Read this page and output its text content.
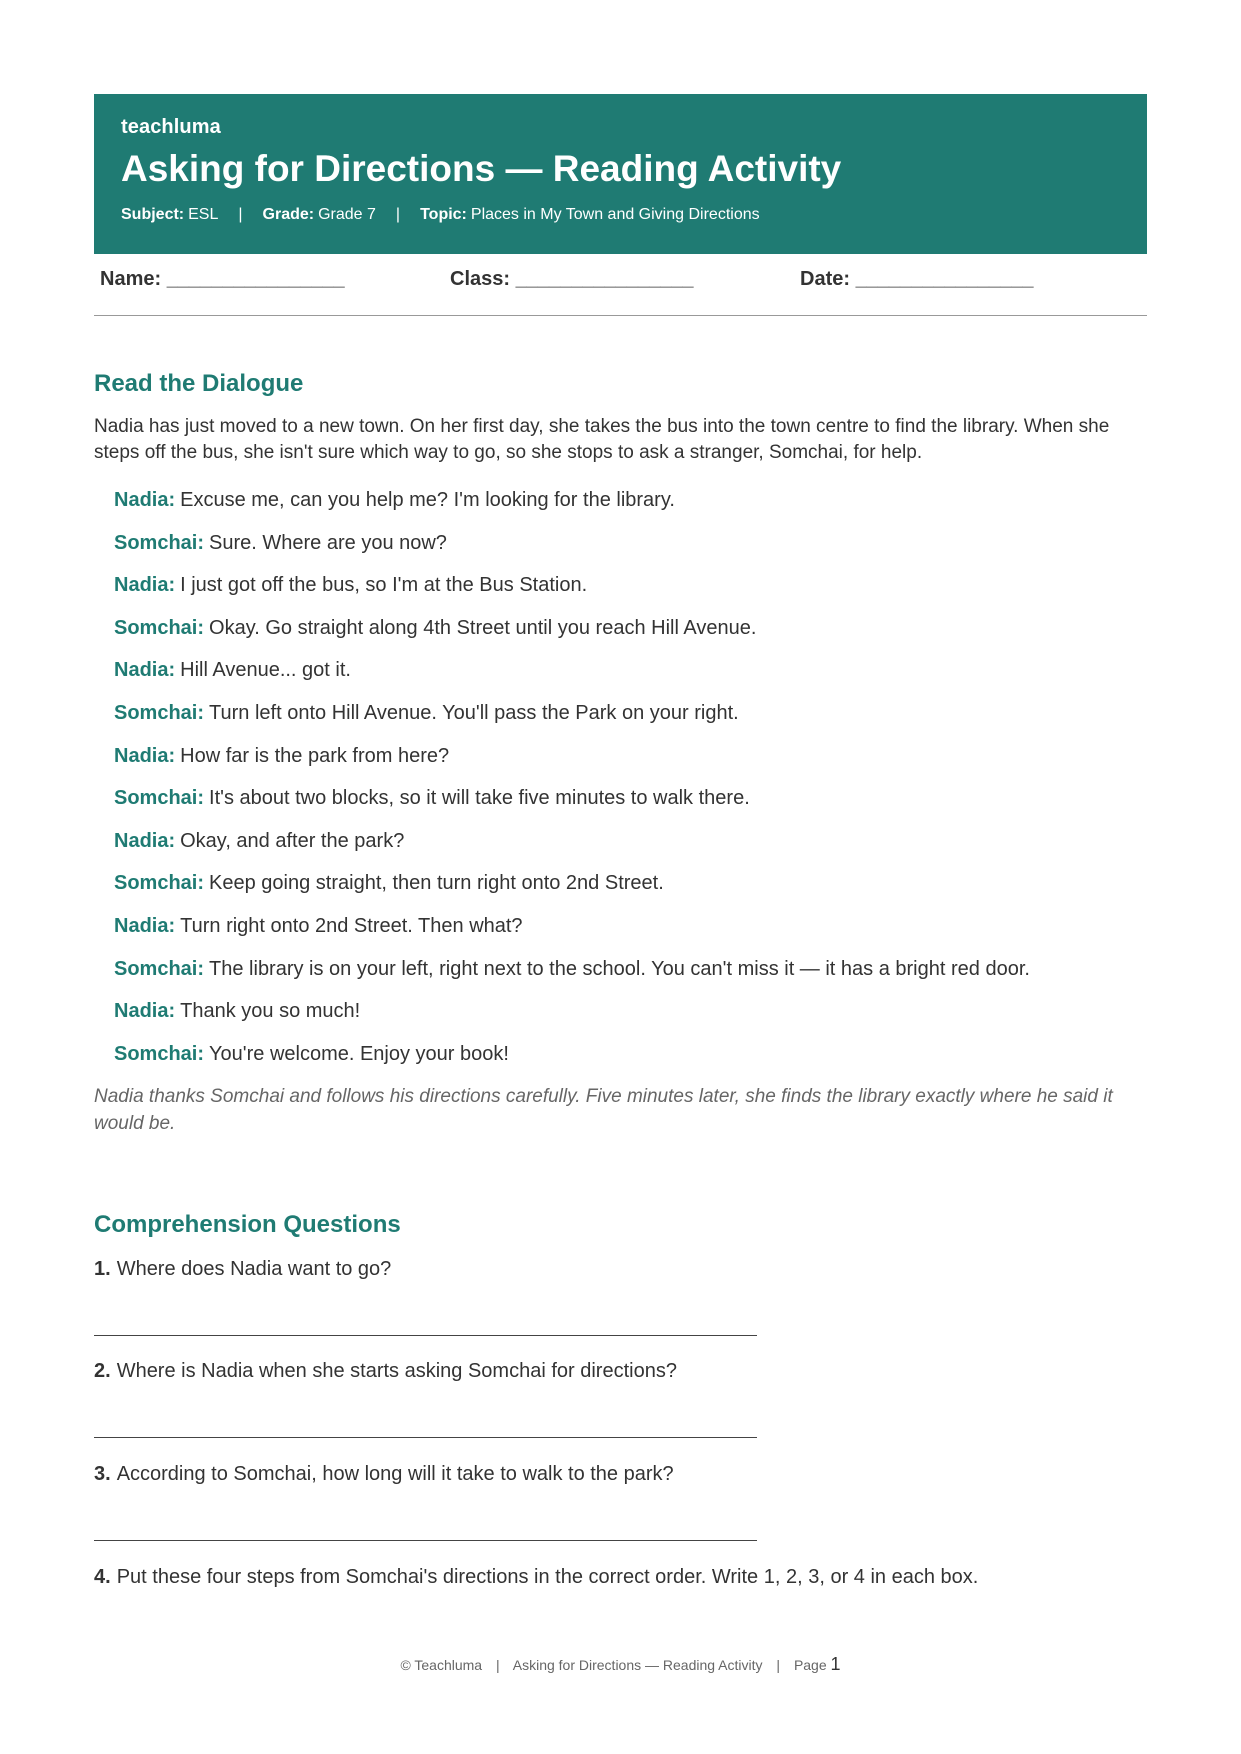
teachluma
Asking for Directions — Reading Activity
Subject: ESL | Grade: Grade 7 | Topic: Places in My Town and Giving Directions
Name: ________________	Class: ________________	Date: ________________
Read the Dialogue
Nadia has just moved to a new town. On her first day, she takes the bus into the town centre to find the library. When she steps off the bus, she isn't sure which way to go, so she stops to ask a stranger, Somchai, for help.
Nadia: Excuse me, can you help me? I'm looking for the library.
Somchai: Sure. Where are you now?
Nadia: I just got off the bus, so I'm at the Bus Station.
Somchai: Okay. Go straight along 4th Street until you reach Hill Avenue.
Nadia: Hill Avenue... got it.
Somchai: Turn left onto Hill Avenue. You'll pass the Park on your right.
Nadia: How far is the park from here?
Somchai: It's about two blocks, so it will take five minutes to walk there.
Nadia: Okay, and after the park?
Somchai: Keep going straight, then turn right onto 2nd Street.
Nadia: Turn right onto 2nd Street. Then what?
Somchai: The library is on your left, right next to the school. You can't miss it — it has a bright red door.
Nadia: Thank you so much!
Somchai: You're welcome. Enjoy your book!
Nadia thanks Somchai and follows his directions carefully. Five minutes later, she finds the library exactly where he said it would be.
Comprehension Questions
1. Where does Nadia want to go?
2. Where is Nadia when she starts asking Somchai for directions?
3. According to Somchai, how long will it take to walk to the park?
4. Put these four steps from Somchai's directions in the correct order. Write 1, 2, 3, or 4 in each box.
© Teachluma | Asking for Directions — Reading Activity | Page 1
